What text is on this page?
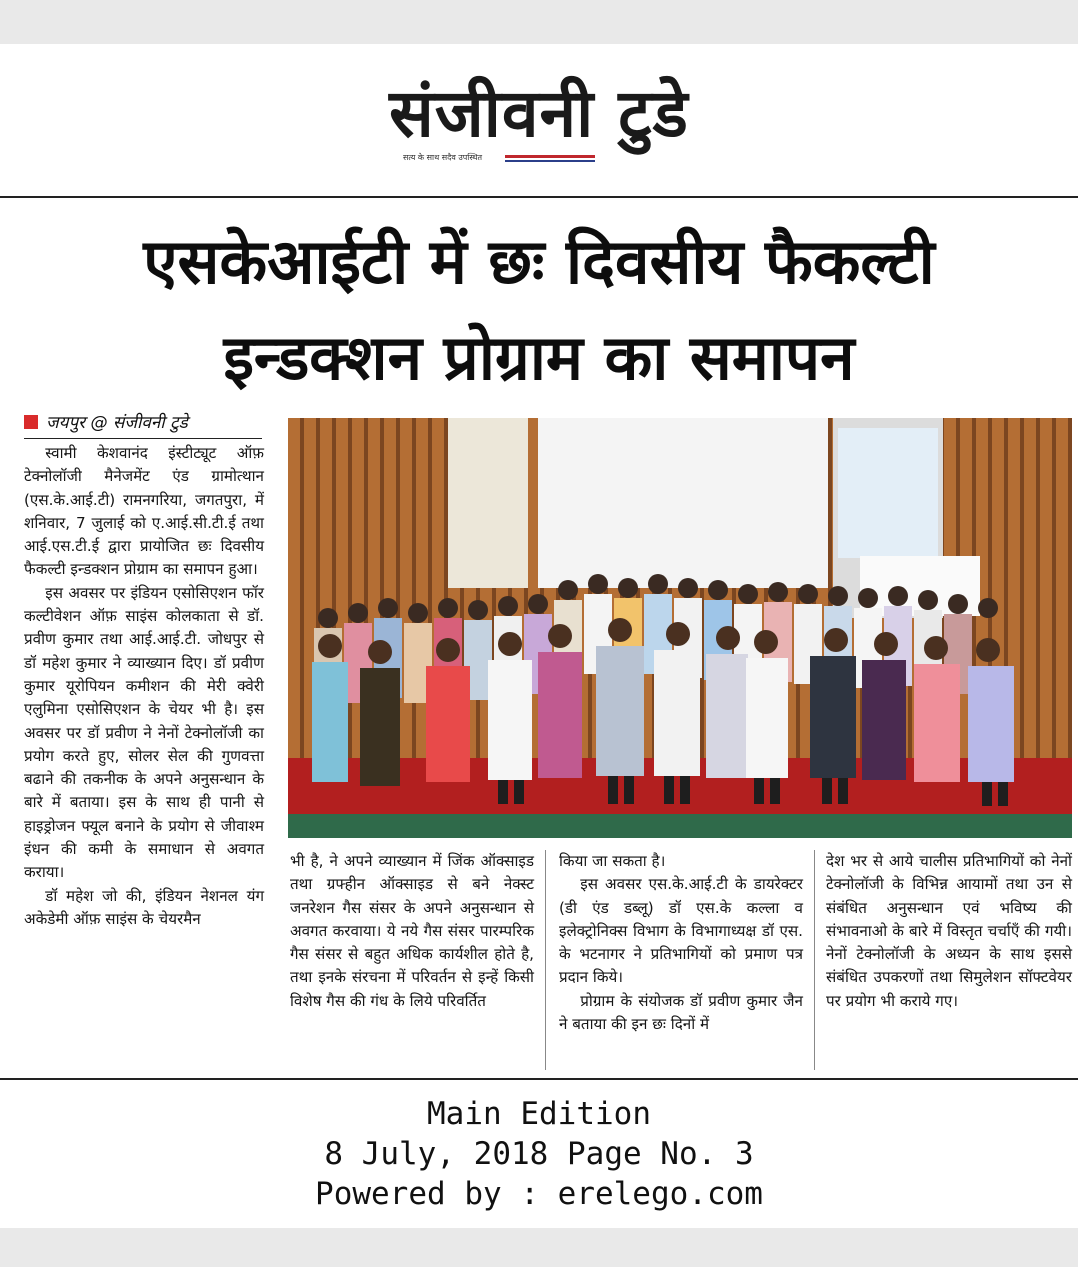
संजीवनी टुडे
सत्य के साथ सदैव उपस्थित
एसकेआईटी में छः दिवसीय फैकल्टी
इन्डक्शन प्रोग्राम का समापन
जयपुर @ संजीवनी टुडे

स्वामी केशवानंद इंस्टीट्यूट ऑफ़ टेक्नोलॉजी मैनेजमेंट एंड ग्रामोत्थान (एस.के.आई.टी) रामनगरिया, जगतपुरा, में शनिवार, 7 जुलाई को ए.आई.सी.टी.ई तथा आई.एस.टी.ई द्वारा प्रायोजित छः दिवसीय फैकल्टी इन्डक्शन प्रोग्राम का समापन हुआ।

इस अवसर पर इंडियन एसोसिएशन फॉर कल्टीवेशन ऑफ़ साइंस कोलकाता से डॉ. प्रवीण कुमार तथा आई.आई.टी. जोधपुर से डॉ महेश कुमार ने व्याख्यान दिए। डॉ प्रवीण कुमार यूरोपियन कमीशन की मेरी क्वेरी एलुमिना एसोसिएशन के चेयर भी है। इस अवसर पर डॉ प्रवीण ने नेनों टेक्नोलॉजी का प्रयोग करते हुए, सोलर सेल की गुणवत्ता बढाने की तकनीक के अपने अनुसन्धान के बारे में बताया। इस के साथ ही पानी से हाइड्रोजन फ्यूल बनाने के प्रयोग से जीवाश्म इंधन की कमी के समाधान से अवगत कराया।

डॉ महेश जो की, इंडियन नेशनल यंग अकेडेमी ऑफ़ साइंस के चेयरमैन

भी है, ने अपने व्याख्यान में जिंक ऑक्साइड तथा ग्रफ्हीन ऑक्साइड से बने नेक्स्ट जनरेशन गैस संसर के अपने अनुसन्धान से अवगत करवाया। ये नये गैस संसर पारम्परिक गैस संसर से बहुत अधिक कार्यशील होते है, तथा इनके संरचना में परिवर्तन से इन्हें किसी विशेष गैस की गंध के लिये परिवर्तित
किया जा सकता है।

इस अवसर एस.के.आई.टी के डायरेक्टर (डी एंड डब्लू) डॉ एस.के कल्ला व इलेक्ट्रोनिक्स विभाग के विभागाध्यक्ष डॉ एस. के भटनागर ने प्रतिभागियों को प्रमाण पत्र प्रदान किये।

प्रोग्राम के संयोजक डॉ प्रवीण कुमार जैन ने बताया की इन छः दिनों में

देश भर से आये चालीस प्रतिभागियों को नेनों टेक्नोलॉजी के विभिन्न आयामों तथा उन से संबंधित अनुसन्धान एवं भविष्य की संभावनाओ के बारे में विस्तृत चर्चाएँ की गयी। नेनों टेक्नोलॉजी के अध्यन के साथ इससे संबंधित उपकरणों तथा सिमुलेशन सॉफ्टवेयर पर प्रयोग भी कराये गए।
Main Edition
8 July, 2018 Page No. 3
Powered by : erelego.com
